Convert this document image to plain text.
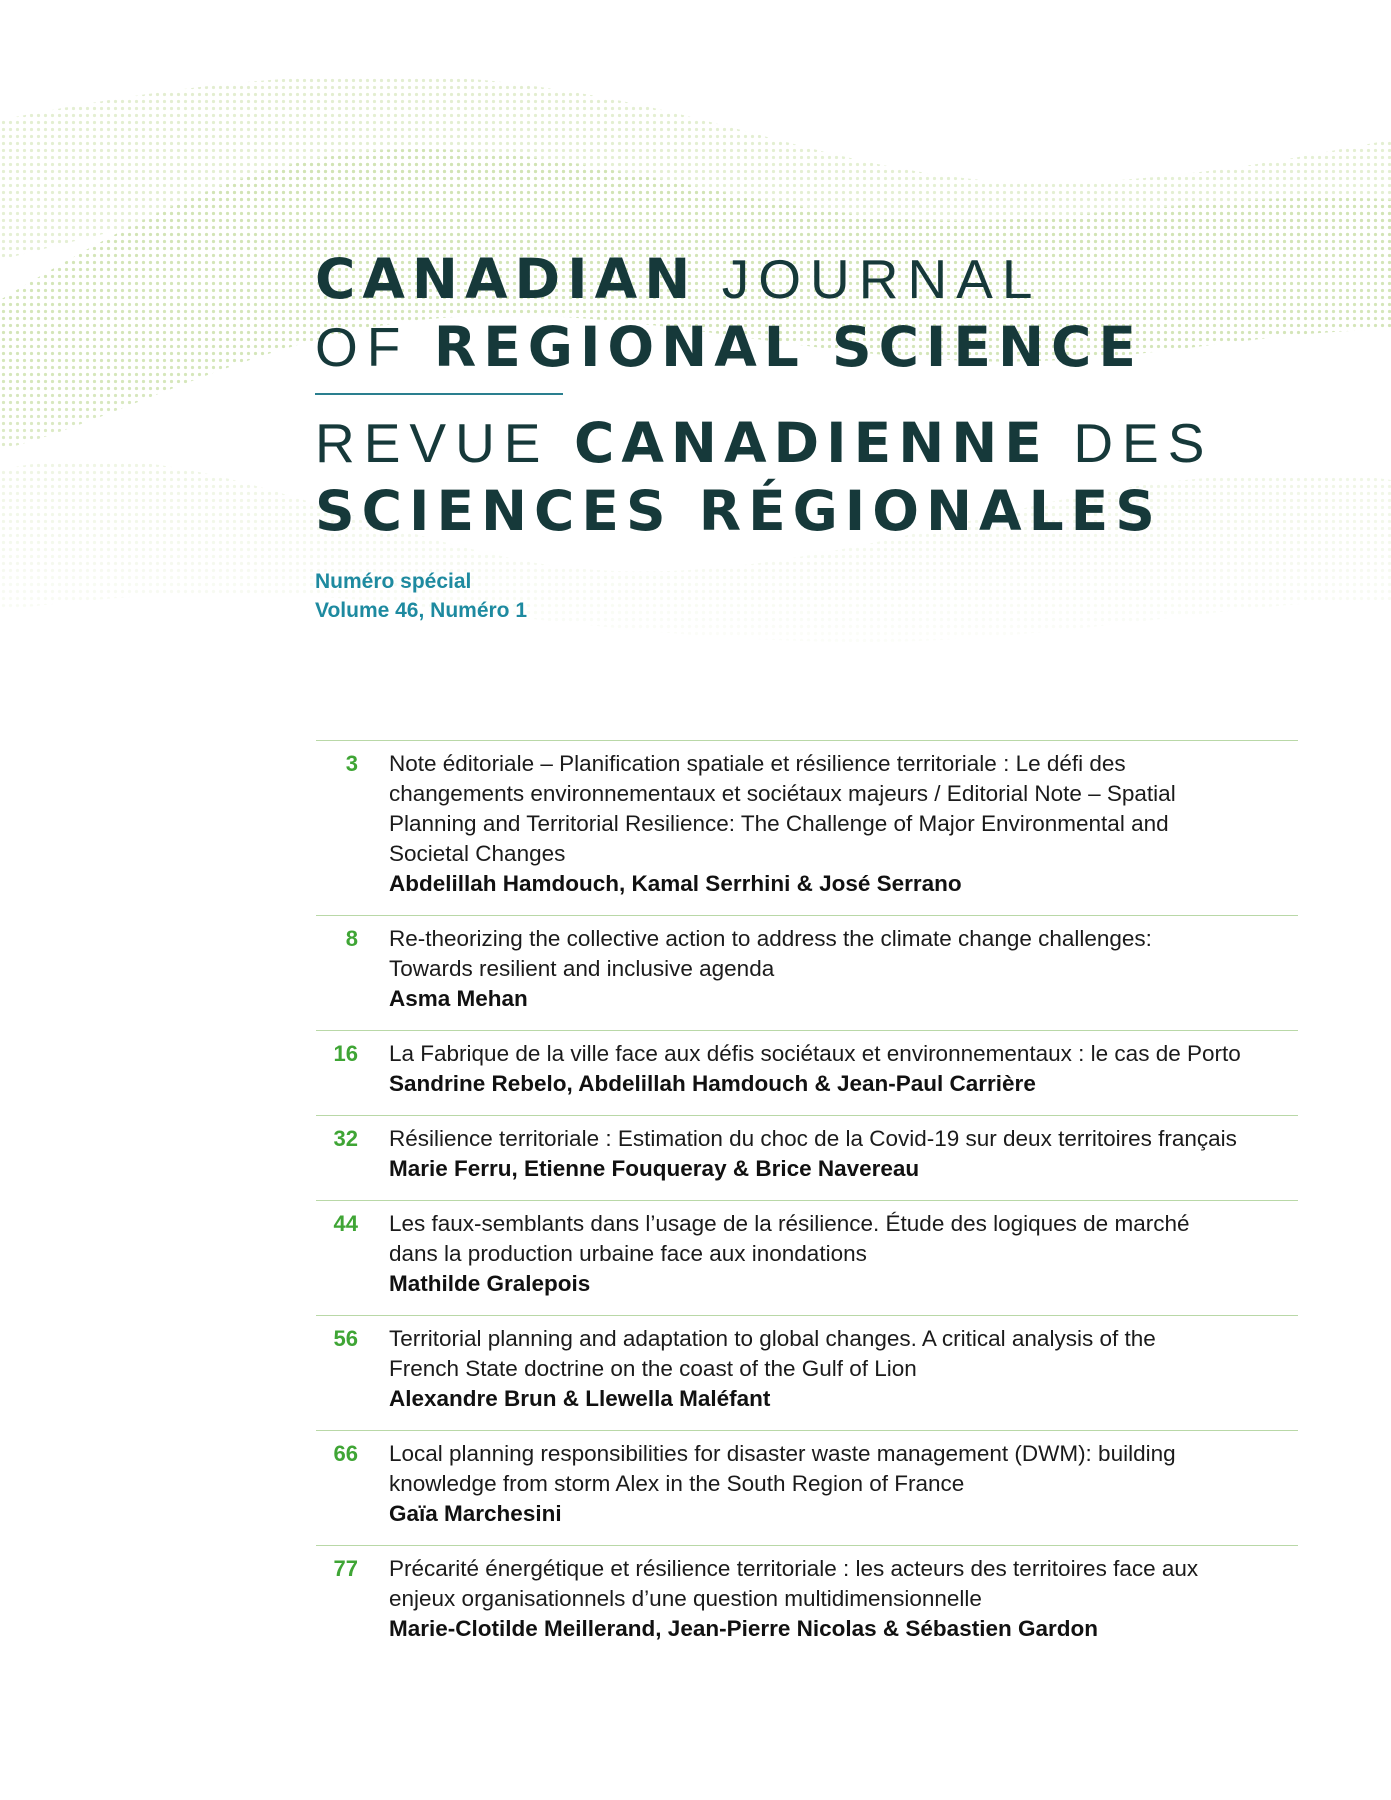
CANADIAN JOURNAL
OF REGIONAL SCIENCE
REVUE CANADIENNE DES
SCIENCES RÉGIONALES
Numéro spécial
Volume 46, Numéro 1
3 Note éditoriale – Planification spatiale et résilience territoriale : Le défi des
changements environnementaux et sociétaux majeurs / Editorial Note – Spatial
Planning and Territorial Resilience: The Challenge of Major Environmental and
Societal Changes
Abdelillah Hamdouch, Kamal Serrhini & José Serrano
8 Re-theorizing the collective action to address the climate change challenges:
Towards resilient and inclusive agenda
Asma Mehan
16 La Fabrique de la ville face aux défis sociétaux et environnementaux : le cas de Porto
Sandrine Rebelo, Abdelillah Hamdouch & Jean-Paul Carrière
32 Résilience territoriale : Estimation du choc de la Covid-19 sur deux territoires français
Marie Ferru, Etienne Fouqueray & Brice Navereau
44 Les faux-semblants dans l’usage de la résilience. Étude des logiques de marché
dans la production urbaine face aux inondations
Mathilde Gralepois
56 Territorial planning and adaptation to global changes. A critical analysis of the
French State doctrine on the coast of the Gulf of Lion
Alexandre Brun & Llewella Maléfant
66 Local planning responsibilities for disaster waste management (DWM): building
knowledge from storm Alex in the South Region of France
Gaïa Marchesini
77 Précarité énergétique et résilience territoriale : les acteurs des territoires face aux
enjeux organisationnels d’une question multidimensionnelle
Marie-Clotilde Meillerand, Jean-Pierre Nicolas & Sébastien Gardon
